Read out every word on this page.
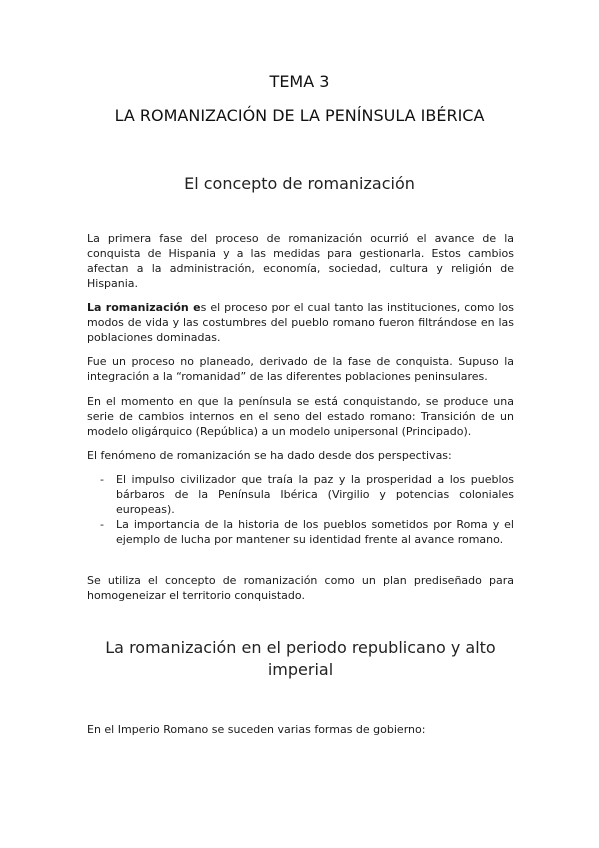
TEMA 3
LA ROMANIZACIÓN DE LA PENÍNSULA IBÉRICA
El concepto de romanización

La primera fase del proceso de romanización ocurrió el avance de la conquista de Hispania y a las medidas para gestionarla. Estos cambios afectan a la administración, economía, sociedad, cultura y religión de Hispania.

La romanización es el proceso por el cual tanto las instituciones, como los modos de vida y las costumbres del pueblo romano fueron filtrándose en las poblaciones dominadas.

Fue un proceso no planeado, derivado de la fase de conquista. Supuso la integración a la “romanidad” de las diferentes poblaciones peninsulares.

En el momento en que la península se está conquistando, se produce una serie de cambios internos en el seno del estado romano: Transición de un modelo oligárquico (República) a un modelo unipersonal (Principado).

El fenómeno de romanización se ha dado desde dos perspectivas:

- El impulso civilizador que traía la paz y la prosperidad a los pueblos bárbaros de la Península Ibérica (Virgilio y potencias coloniales europeas).
- La importancia de la historia de los pueblos sometidos por Roma y el ejemplo de lucha por mantener su identidad frente al avance romano.

Se utiliza el concepto de romanización como un plan prediseñado para homogeneizar el territorio conquistado.

La romanización en el periodo republicano y alto imperial

En el Imperio Romano se suceden varias formas de gobierno:
